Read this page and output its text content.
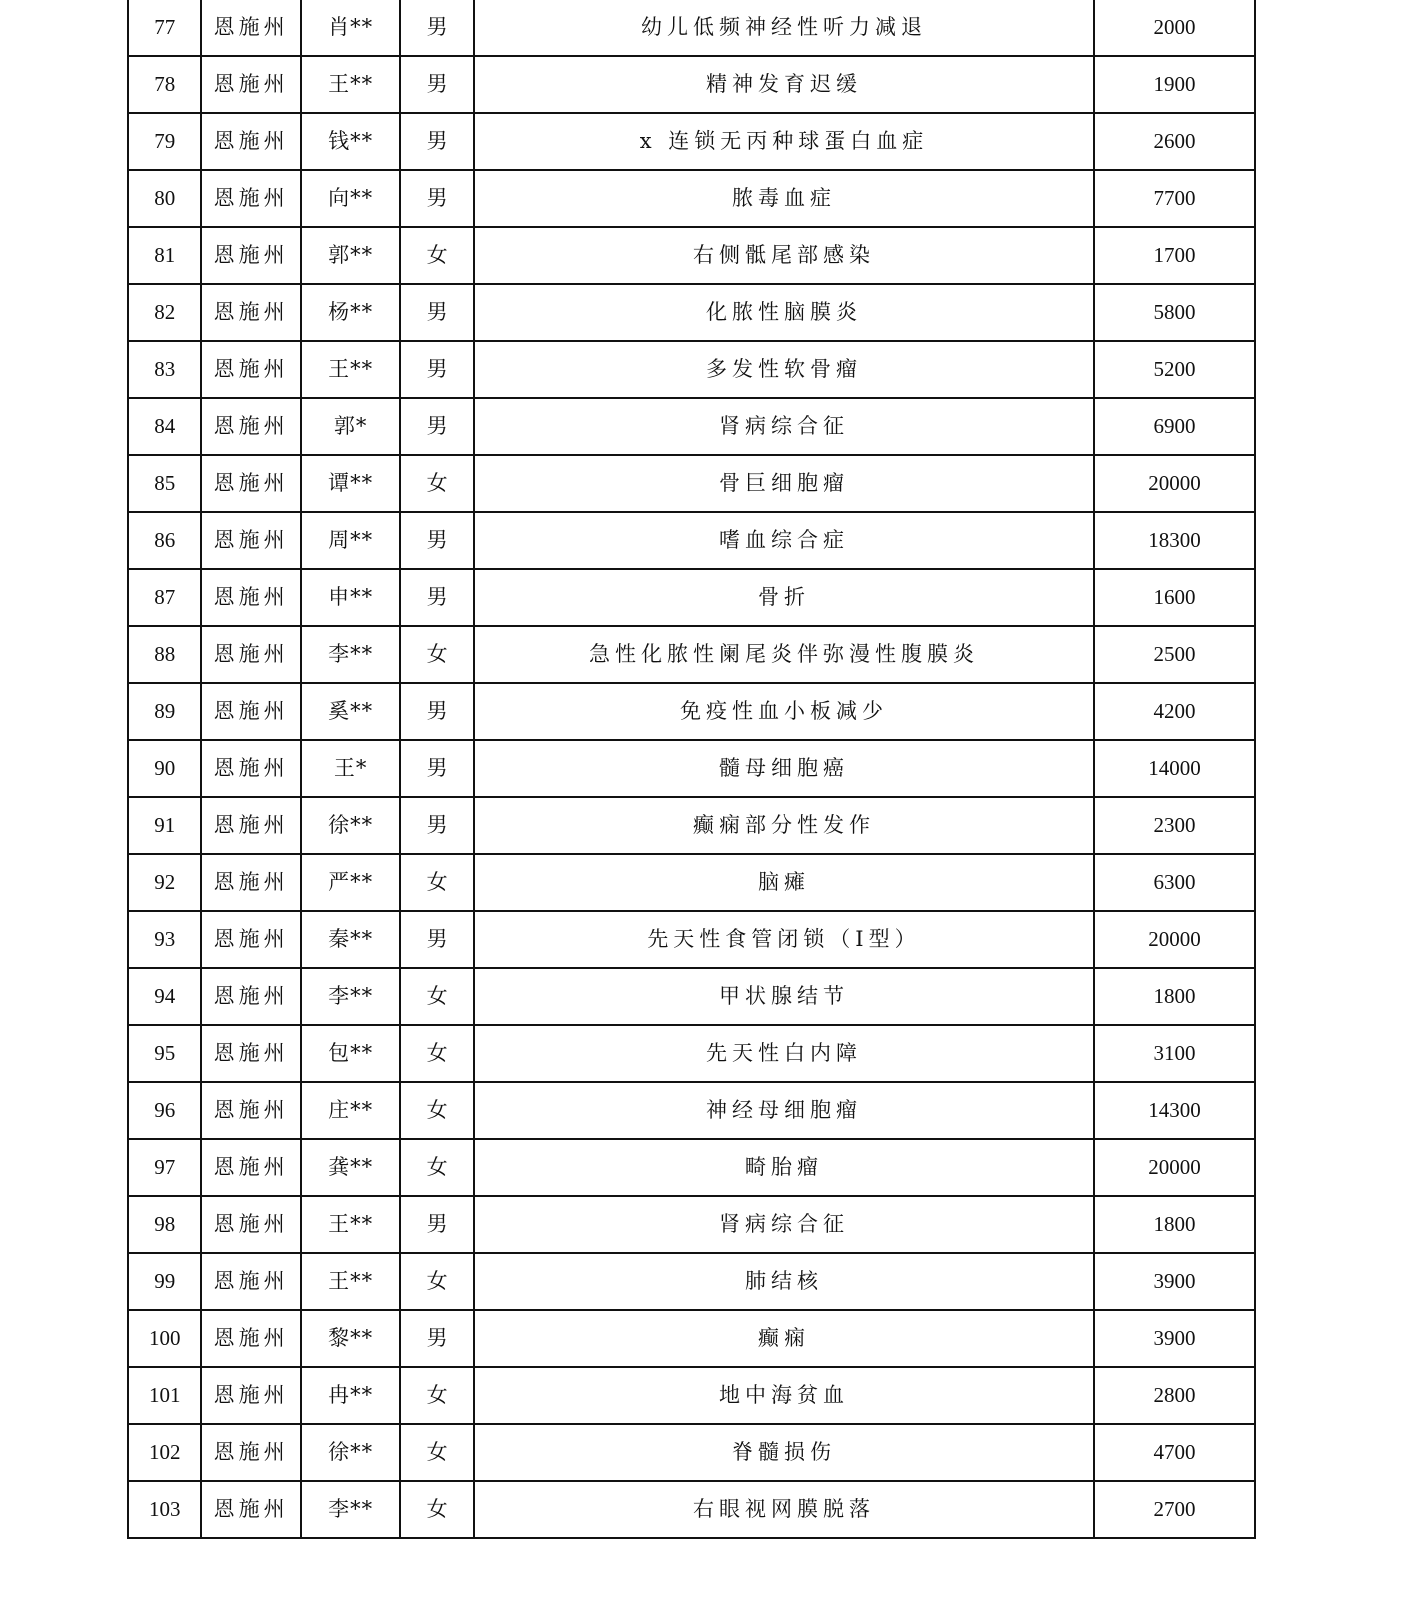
77	恩施州	肖**	男	幼儿低频神经性听力减退	2000
78	恩施州	王**	男	精神发育迟缓	1900
79	恩施州	钱**	男	x 连锁无丙种球蛋白血症	2600
80	恩施州	向**	男	脓毒血症	7700
81	恩施州	郭**	女	右侧骶尾部感染	1700
82	恩施州	杨**	男	化脓性脑膜炎	5800
83	恩施州	王**	男	多发性软骨瘤	5200
84	恩施州	郭*	男	肾病综合征	6900
85	恩施州	谭**	女	骨巨细胞瘤	20000
86	恩施州	周**	男	嗜血综合症	18300
87	恩施州	申**	男	骨折	1600
88	恩施州	李**	女	急性化脓性阑尾炎伴弥漫性腹膜炎	2500
89	恩施州	奚**	男	免疫性血小板减少	4200
90	恩施州	王*	男	髓母细胞癌	14000
91	恩施州	徐**	男	癫痫部分性发作	2300
92	恩施州	严**	女	脑瘫	6300
93	恩施州	秦**	男	先天性食管闭锁（I型）	20000
94	恩施州	李**	女	甲状腺结节	1800
95	恩施州	包**	女	先天性白内障	3100
96	恩施州	庄**	女	神经母细胞瘤	14300
97	恩施州	龚**	女	畸胎瘤	20000
98	恩施州	王**	男	肾病综合征	1800
99	恩施州	王**	女	肺结核	3900
100	恩施州	黎**	男	癫痫	3900
101	恩施州	冉**	女	地中海贫血	2800
102	恩施州	徐**	女	脊髓损伤	4700
103	恩施州	李**	女	右眼视网膜脱落	2700
